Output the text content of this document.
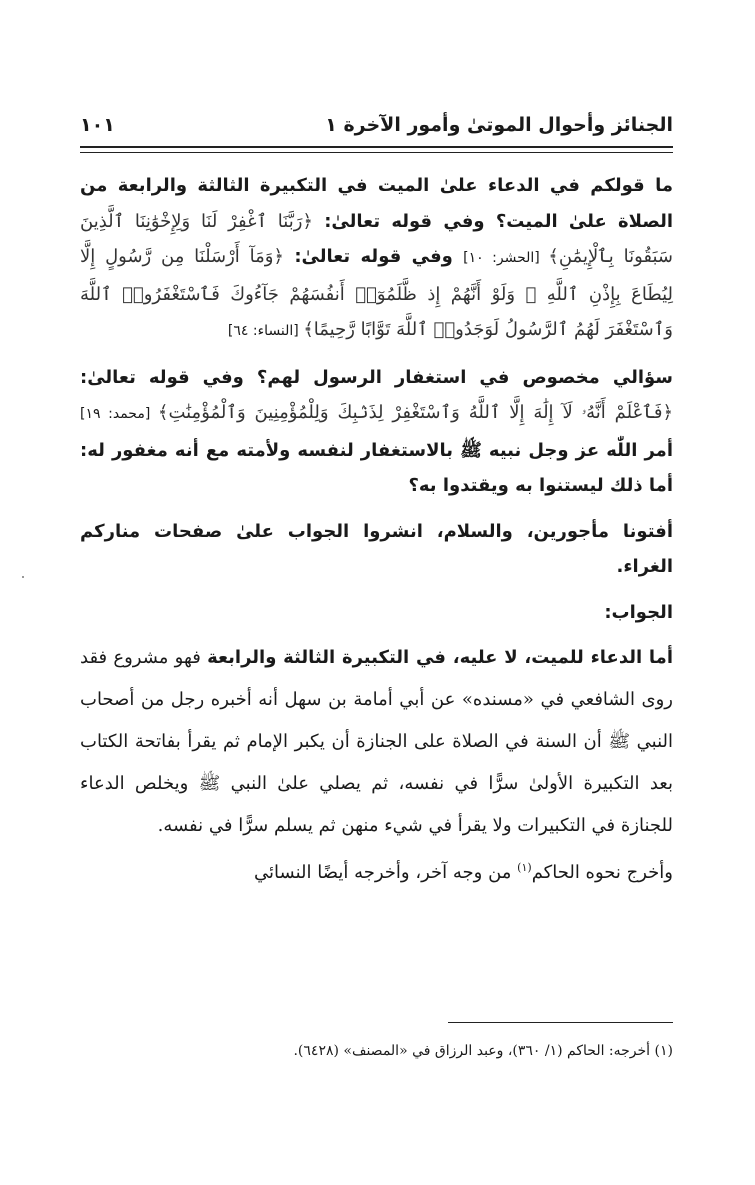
الجنائز وأحوال الموتىٰ وأمور الآخرة ١
١٠١

ما قولكم في الدعاء علىٰ الميت في التكبيرة الثالثة والرابعة من الصلاة علىٰ الميت؟ وفي قوله تعالىٰ: ﴿رَبَّنَا ٱغْفِرْ لَنَا وَلِإِخْوَٰنِنَا ٱلَّذِينَ سَبَقُونَا بِٱلْإِيمَٰنِ﴾ [الحشر: ١٠] وفي قوله تعالىٰ: ﴿وَمَآ أَرْسَلْنَا مِن رَّسُولٍ إِلَّا لِيُطَاعَ بِإِذْنِ ٱللَّهِ ۚ وَلَوْ أَنَّهُمْ إِذ ظَّلَمُوٓا۟ أَنفُسَهُمْ جَآءُوكَ فَٱسْتَغْفَرُوا۟ ٱللَّهَ وَٱسْتَغْفَرَ لَهُمُ ٱلرَّسُولُ لَوَجَدُوا۟ ٱللَّهَ تَوَّابًا رَّحِيمًا﴾ [النساء: ٦٤]

سؤالي مخصوص في استغفار الرسول لهم؟ وفي قوله تعالىٰ: ﴿فَٱعْلَمْ أَنَّهُۥ لَآ إِلَٰهَ إِلَّا ٱللَّهُ وَٱسْتَغْفِرْ لِذَنۢبِكَ وَلِلْمُؤْمِنِينَ وَٱلْمُؤْمِنَٰتِ﴾ [محمد: ١٩] أمر اللّٰه عز وجل نبيه ﷺ بالاستغفار لنفسه ولأمته مع أنه مغفور له: أما ذلك ليستنوا به ويقتدوا به؟

أفتونا مأجورين، والسلام، انشروا الجواب علىٰ صفحات مناركم الغراء.

الجواب:

أما الدعاء للميت، لا عليه، في التكبيرة الثالثة والرابعة فهو مشروع فقد روى الشافعي في «مسنده» عن أبي أمامة بن سهل أنه أخبره رجل من أصحاب النبي ﷺ أن السنة في الصلاة على الجنازة أن يكبر الإمام ثم يقرأ بفاتحة الكتاب بعد التكبيرة الأولىٰ سرًّا في نفسه، ثم يصلي علىٰ النبي ﷺ ويخلص الدعاء للجنازة في التكبيرات ولا يقرأ في شيء منهن ثم يسلم سرًّا في نفسه.

وأخرج نحوه الحاكم$^{(١)}$ من وجه آخر، وأخرجه أيضًا النسائي

(١) أخرجه: الحاكم (١/ ٣٦٠)، وعبد الرزاق في «المصنف» (٦٤٢٨).
